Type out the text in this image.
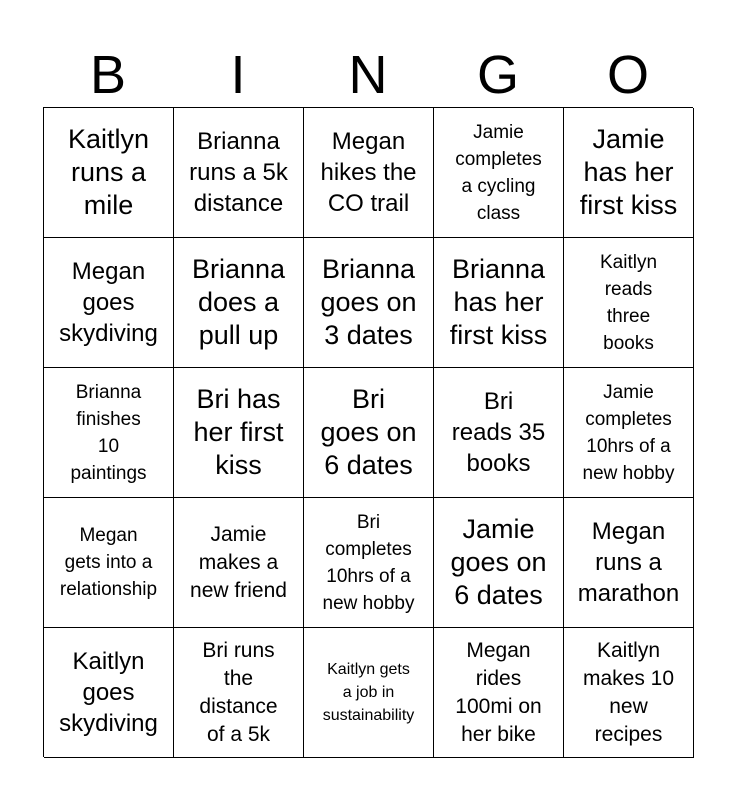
B	I	N	G	O
Kaitlyn
runs a
mile
Brianna
runs a 5k
distance
Megan
hikes the
CO trail
Jamie
completes
a cycling
class
Jamie
has her
first kiss
Megan
goes
skydiving
Brianna
does a
pull up
Brianna
goes on
3 dates
Brianna
has her
first kiss
Kaitlyn
reads
three
books
Brianna
finishes
10
paintings
Bri has
her first
kiss
Bri
goes on
6 dates
Bri
reads 35
books
Jamie
completes
10hrs of a
new hobby
Megan
gets into a
relationship
Jamie
makes a
new friend
Bri
completes
10hrs of a
new hobby
Jamie
goes on
6 dates
Megan
runs a
marathon
Kaitlyn
goes
skydiving
Bri runs
the
distance
of a 5k
Kaitlyn gets
a job in
sustainability
Megan
rides
100mi on
her bike
Kaitlyn
makes 10
new
recipes
